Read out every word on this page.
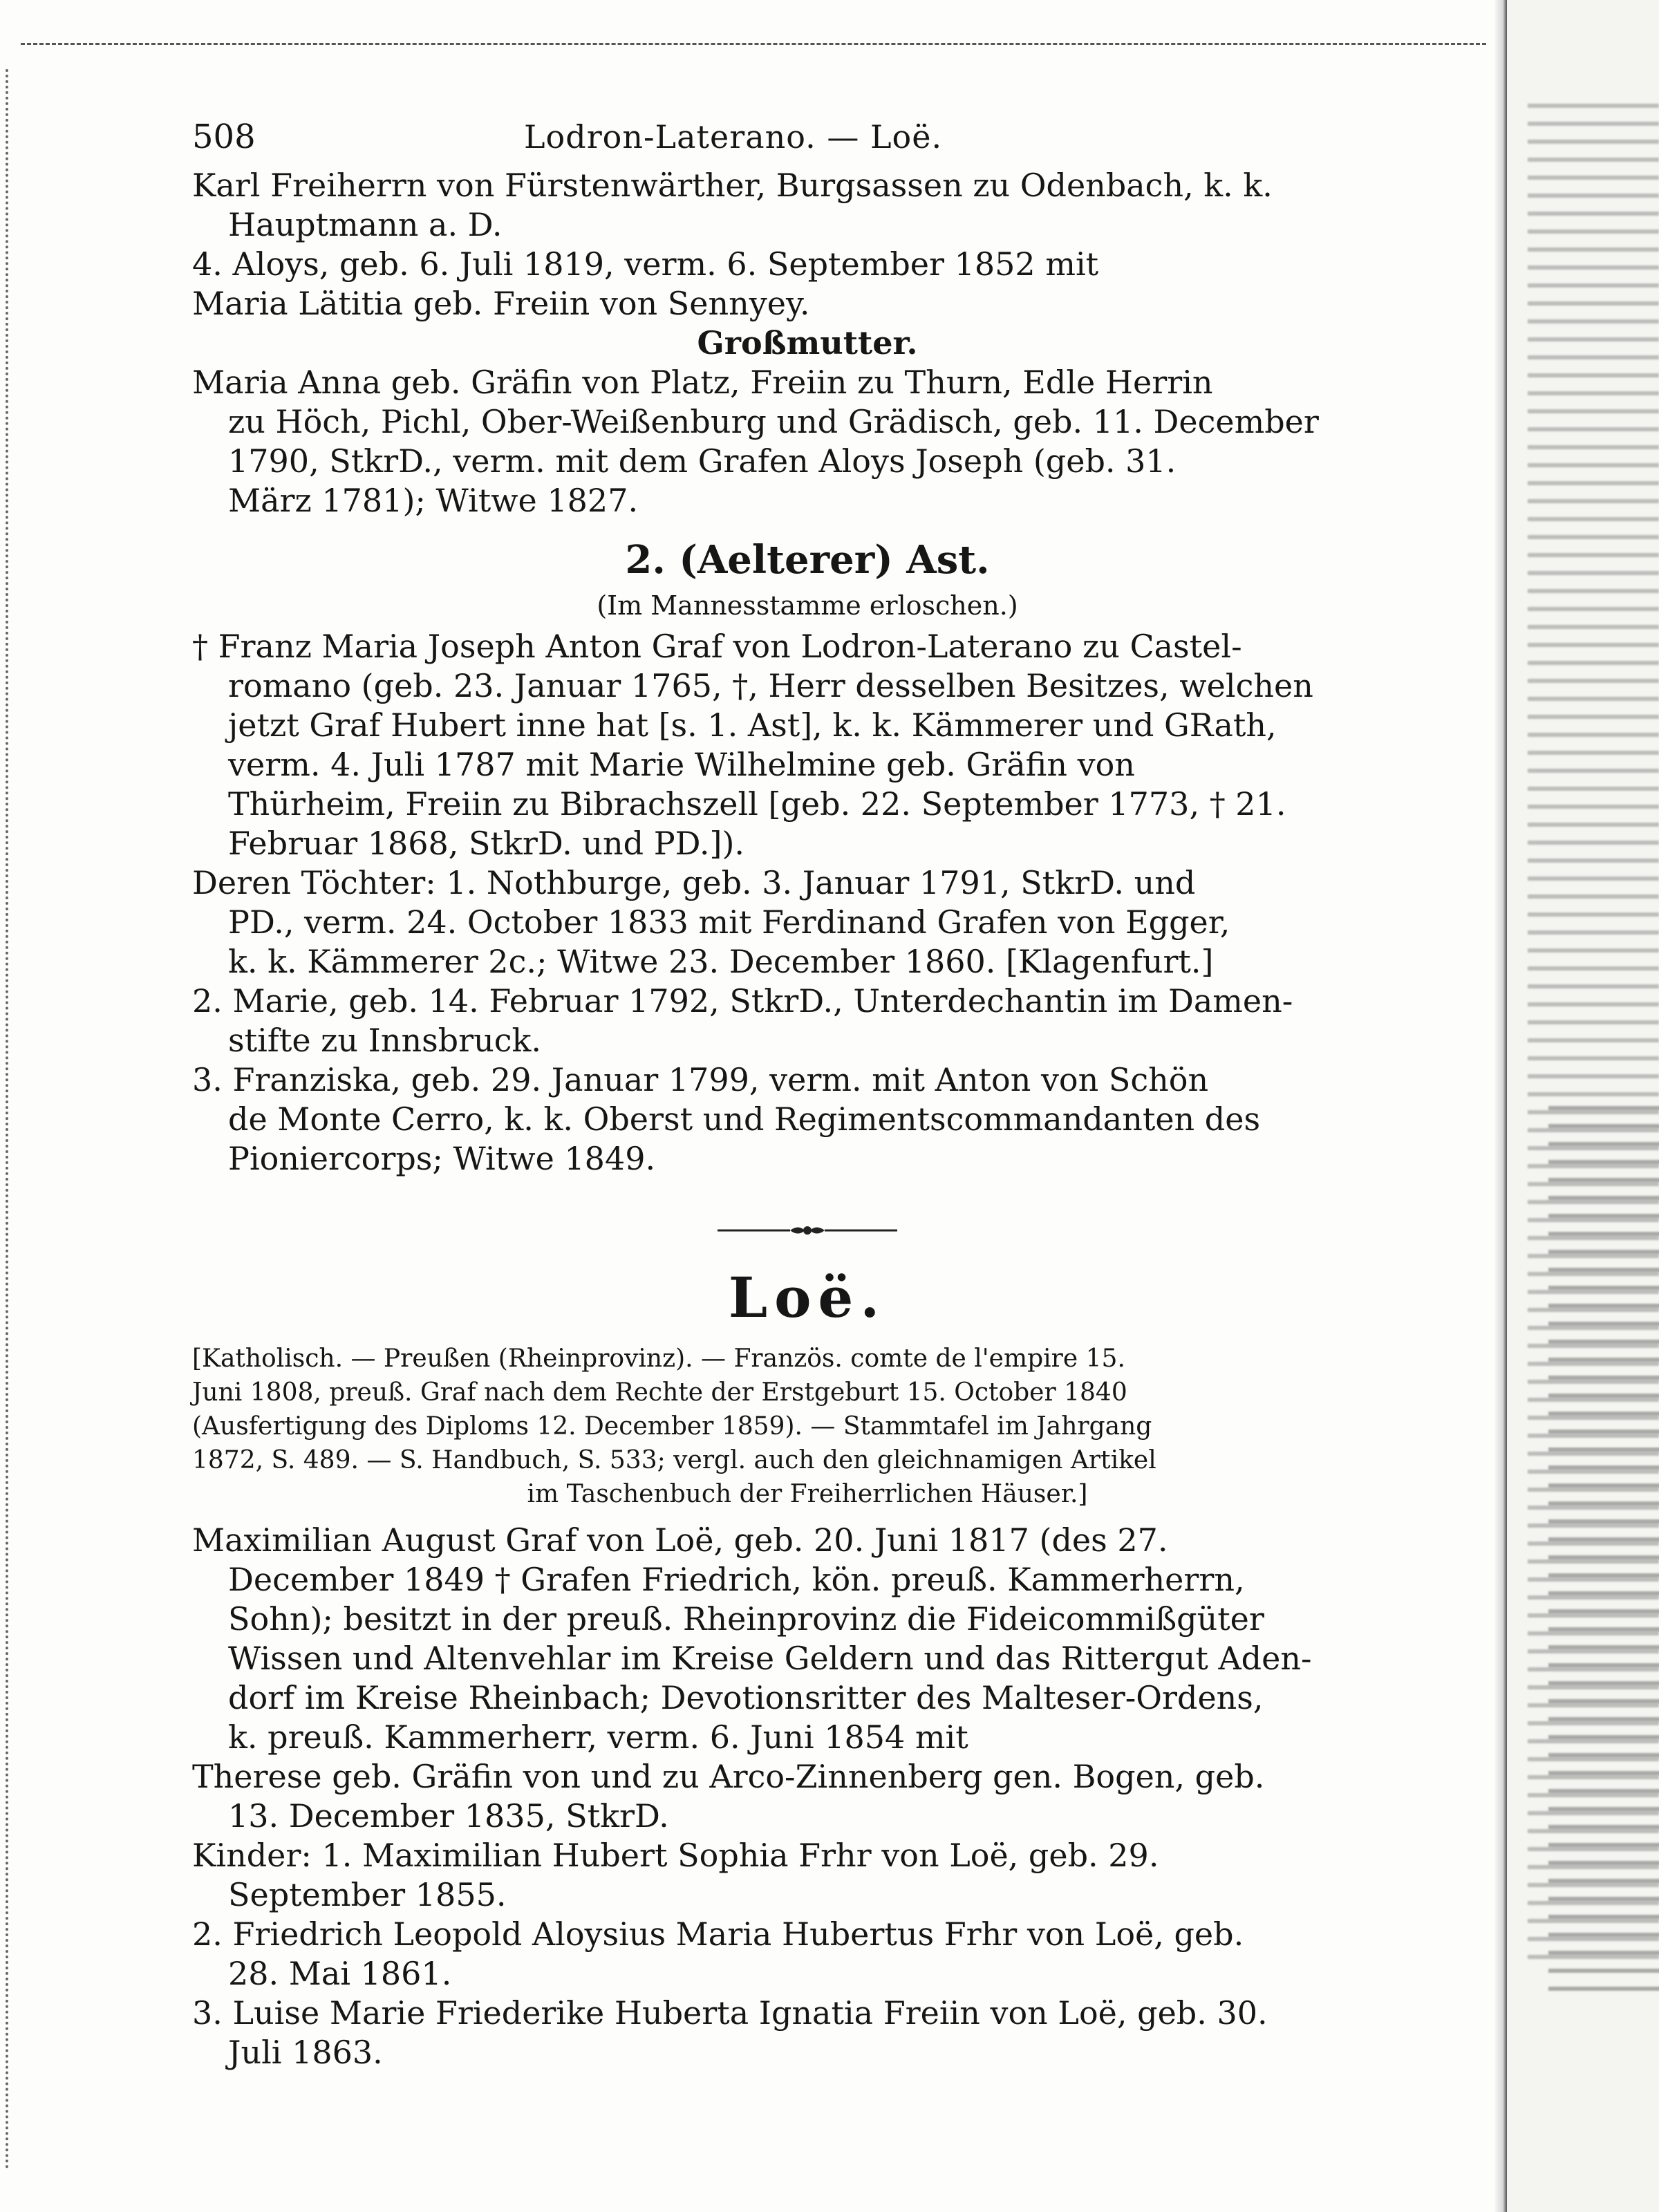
508	Lodron-Laterano. — Loë.
Karl Freiherrn von Fürstenwärther, Burgsassen zu Odenbach, k. k.
Hauptmann a. D.
4. Aloys, geb. 6. Juli 1819, verm. 6. September 1852 mit
Maria Lätitia geb. Freiin von Sennyey.
Großmutter.
Maria Anna geb. Gräfin von Platz, Freiin zu Thurn, Edle Herrin
zu Höch, Pichl, Ober-Weißenburg und Grädisch, geb. 11. December
1790, StkrD., verm. mit dem Grafen Aloys Joseph (geb. 31.
März 1781); Witwe 1827.
2. (Aelterer) Ast.
(Im Mannesstamme erloschen.)
† Franz Maria Joseph Anton Graf von Lodron-Laterano zu Castel-
romano (geb. 23. Januar 1765, †, Herr desselben Besitzes, welchen
jetzt Graf Hubert inne hat [s. 1. Ast], k. k. Kämmerer und GRath,
verm. 4. Juli 1787 mit Marie Wilhelmine geb. Gräfin von
Thürheim, Freiin zu Bibrachszell [geb. 22. September 1773, † 21.
Februar 1868, StkrD. und PD.]).
Deren Töchter: 1. Nothburge, geb. 3. Januar 1791, StkrD. und
PD., verm. 24. October 1833 mit Ferdinand Grafen von Egger,
k. k. Kämmerer 2c.; Witwe 23. December 1860. [Klagenfurt.]
2. Marie, geb. 14. Februar 1792, StkrD., Unterdechantin im Damen-
stifte zu Innsbruck.
3. Franziska, geb. 29. Januar 1799, verm. mit Anton von Schön
de Monte Cerro, k. k. Oberst und Regimentscommandanten des
Pioniercorps; Witwe 1849.
Loë.
[Katholisch. — Preußen (Rheinprovinz). — Französ. comte de l'empire 15.
Juni 1808, preuß. Graf nach dem Rechte der Erstgeburt 15. October 1840
(Ausfertigung des Diploms 12. December 1859). — Stammtafel im Jahrgang
1872, S. 489. — S. Handbuch, S. 533; vergl. auch den gleichnamigen Artikel
im Taschenbuch der Freiherrlichen Häuser.]
Maximilian August Graf von Loë, geb. 20. Juni 1817 (des 27.
December 1849 † Grafen Friedrich, kön. preuß. Kammerherrn,
Sohn); besitzt in der preuß. Rheinprovinz die Fideicommißgüter
Wissen und Altenvehlar im Kreise Geldern und das Rittergut Aden-
dorf im Kreise Rheinbach; Devotionsritter des Malteser-Ordens,
k. preuß. Kammerherr, verm. 6. Juni 1854 mit
Therese geb. Gräfin von und zu Arco-Zinnenberg gen. Bogen, geb.
13. December 1835, StkrD.
Kinder: 1. Maximilian Hubert Sophia Frhr von Loë, geb. 29.
September 1855.
2. Friedrich Leopold Aloysius Maria Hubertus Frhr von Loë, geb.
28. Mai 1861.
3. Luise Marie Friederike Huberta Ignatia Freiin von Loë, geb. 30.
Juli 1863.
